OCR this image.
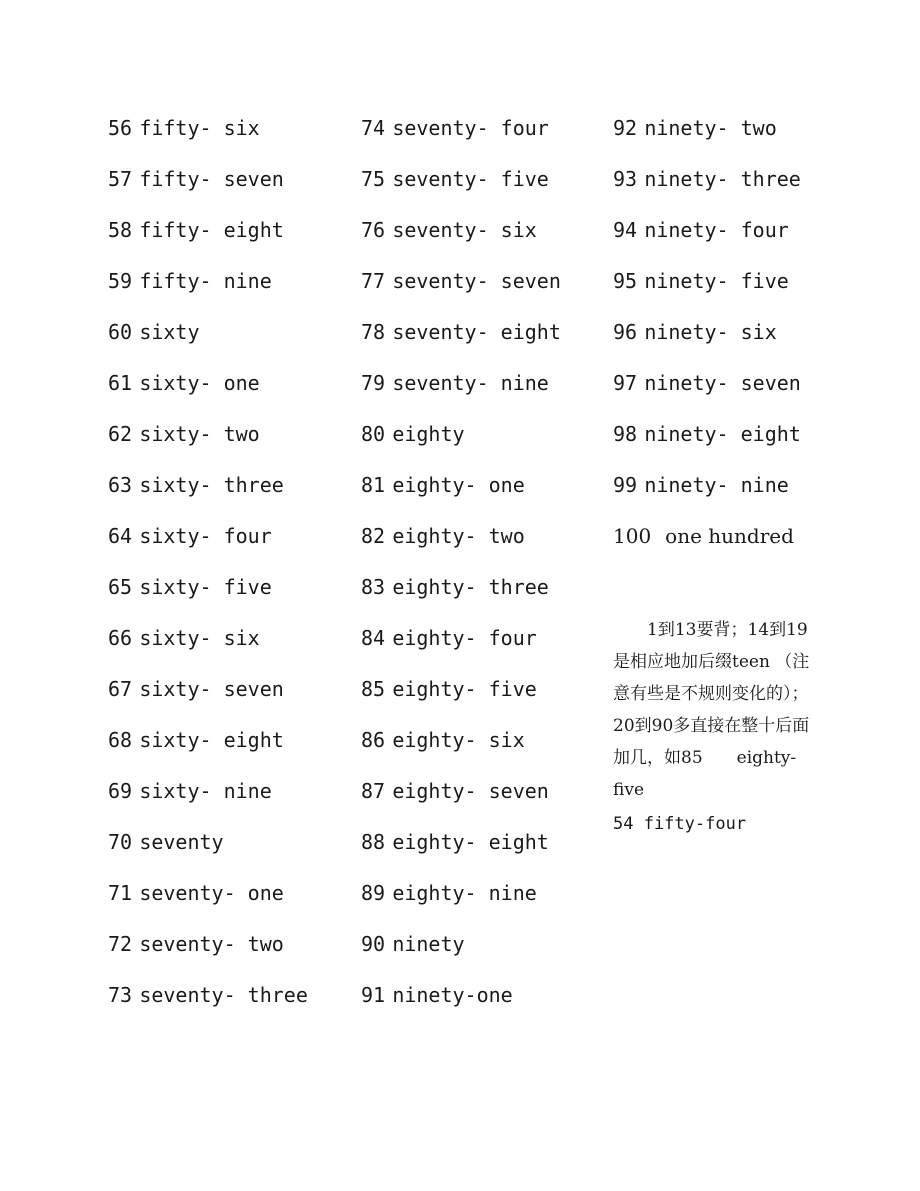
56 fifty- six
57 fifty- seven
58 fifty- eight
59 fifty- nine
60 sixty
61 sixty- one
62 sixty- two
63 sixty- three
64 sixty- four
65 sixty- five
66 sixty- six
67 sixty- seven
68 sixty- eight
69 sixty- nine
70 seventy
71 seventy- one
72 seventy- two
73 seventy- three
74 seventy- four
75 seventy- five
76 seventy- six
77 seventy- seven
78 seventy- eight
79 seventy- nine
80 eighty
81 eighty- one
82 eighty- two
83 eighty- three
84 eighty- four
85 eighty- five
86 eighty- six
87 eighty- seven
88 eighty- eight
89 eighty- nine
90 ninety
91 ninety-one
92 ninety- two
93 ninety- three
94 ninety- four
95 ninety- five
96 ninety- six
97 ninety- seven
98 ninety- eight
99 ninety- nine
100 one hundred

1到13要背；14到19是相应地加后缀teen （注意有些是不规则变化的）；20到90多直接在整十后面加几，如85　　eighty-five

54 fifty-four
